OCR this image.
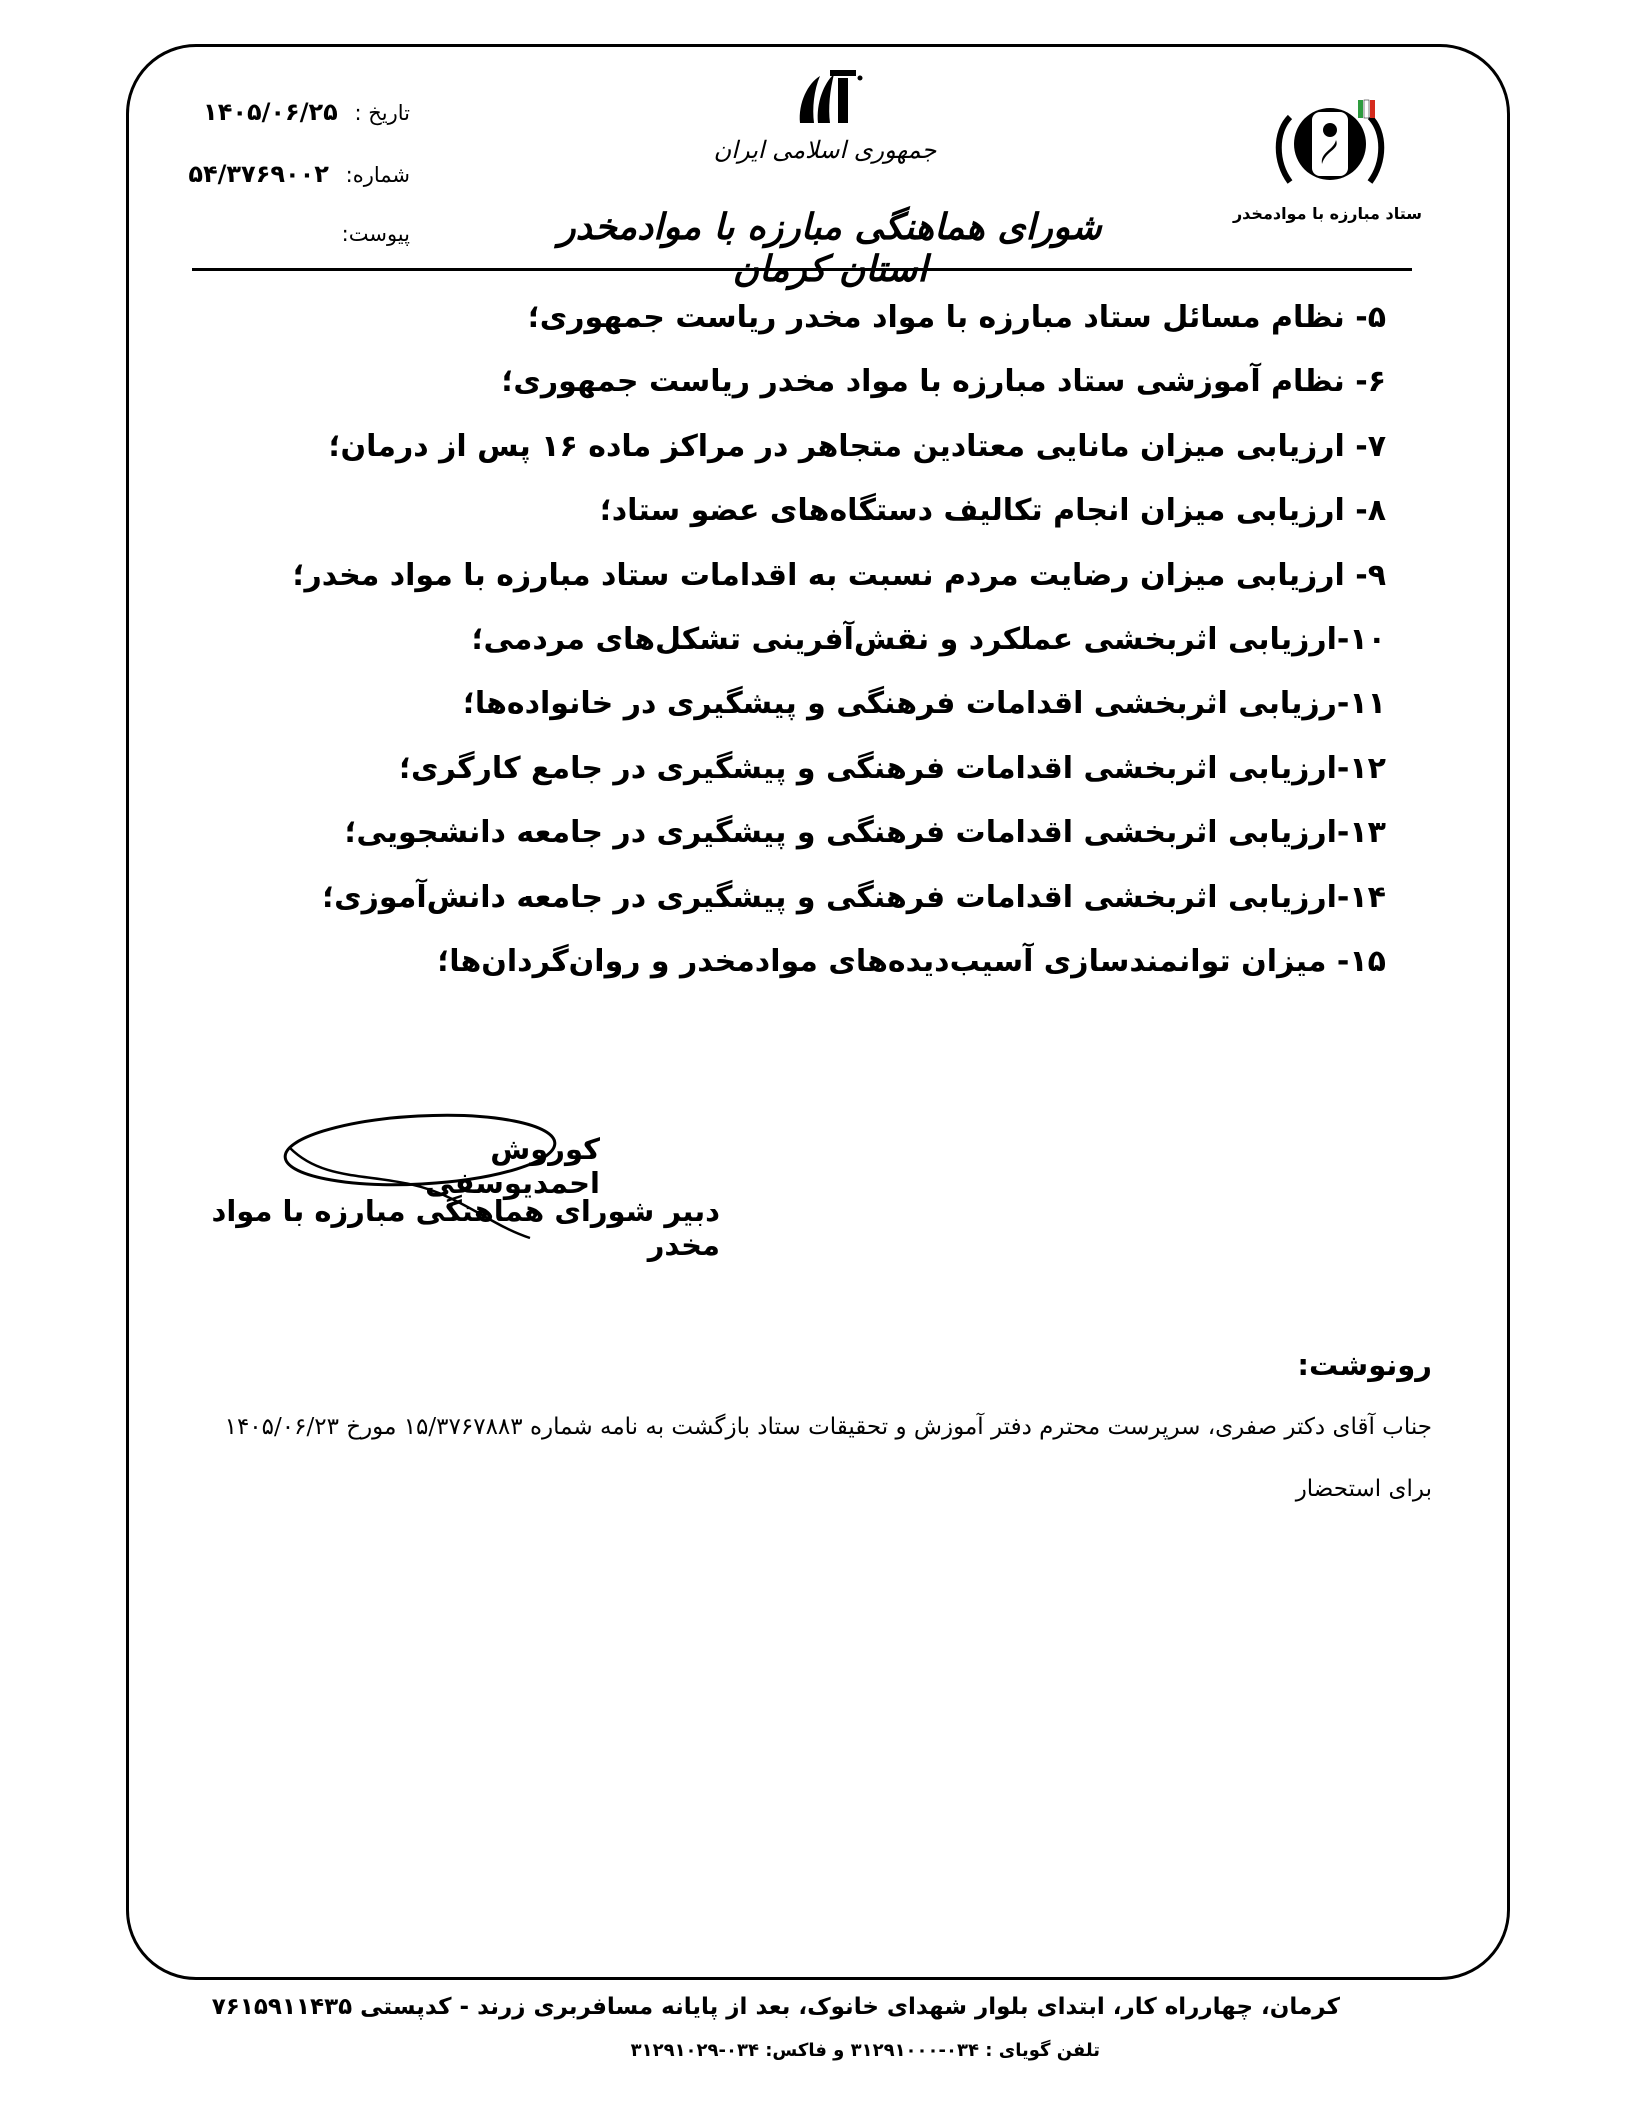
تاریخ : ۱۴۰۵/۰۶/۲۵
شماره: ۵۴/۳۷۶۹۰۰۲
پیوست:
جمهوری اسلامی ایران
شورای هماهنگی مبارزه با موادمخدر استان کرمان
ستاد مبارزه با موادمخدر
۵- نظام مسائل ستاد مبارزه با مواد مخدر ریاست جمهوری؛
۶- نظام آموزشی ستاد مبارزه با مواد مخدر ریاست جمهوری؛
۷- ارزیابی میزان مانایی معتادین متجاهر در مراکز ماده ۱۶ پس از درمان؛
۸- ارزیابی میزان انجام تکالیف دستگاه‌های عضو ستاد؛
۹- ارزیابی میزان رضایت مردم نسبت به اقدامات ستاد مبارزه با مواد مخدر؛
۱۰-ارزیابی اثربخشی عملکرد و نقش‌آفرینی تشکل‌های مردمی؛
۱۱-رزیابی اثربخشی اقدامات فرهنگی و پیشگیری در خانواده‌ها؛
۱۲-ارزیابی اثربخشی اقدامات فرهنگی و پیشگیری در جامع کارگری؛
۱۳-ارزیابی اثربخشی اقدامات فرهنگی و پیشگیری در جامعه دانشجویی؛
۱۴-ارزیابی اثربخشی اقدامات فرهنگی و پیشگیری در جامعه دانش‌آموزی؛
۱۵- میزان توانمندسازی آسیب‌دیده‌های موادمخدر و روان‌گردان‌ها؛
کوروش احمدیوسفی
دبیر شورای هماهنگی مبارزه با مواد مخدر
رونوشت:
جناب آقای دکتر صفری، سرپرست محترم دفتر آموزش و تحقیقات ستاد بازگشت به نامه شماره ۱۵/۳۷۶۷۸۸۳ مورخ ۱۴۰۵/۰۶/۲۳ برای استحضار
کرمان، چهارراه کار، ابتدای بلوار شهدای خانوک، بعد از پایانه مسافربری زرند - کدپستی ۷۶۱۵۹۱۱۴۳۵
تلفن گویای : ۰۳۴-۳۱۲۹۱۰۰۰ و فاکس: ۰۳۴-۳۱۲۹۱۰۲۹
